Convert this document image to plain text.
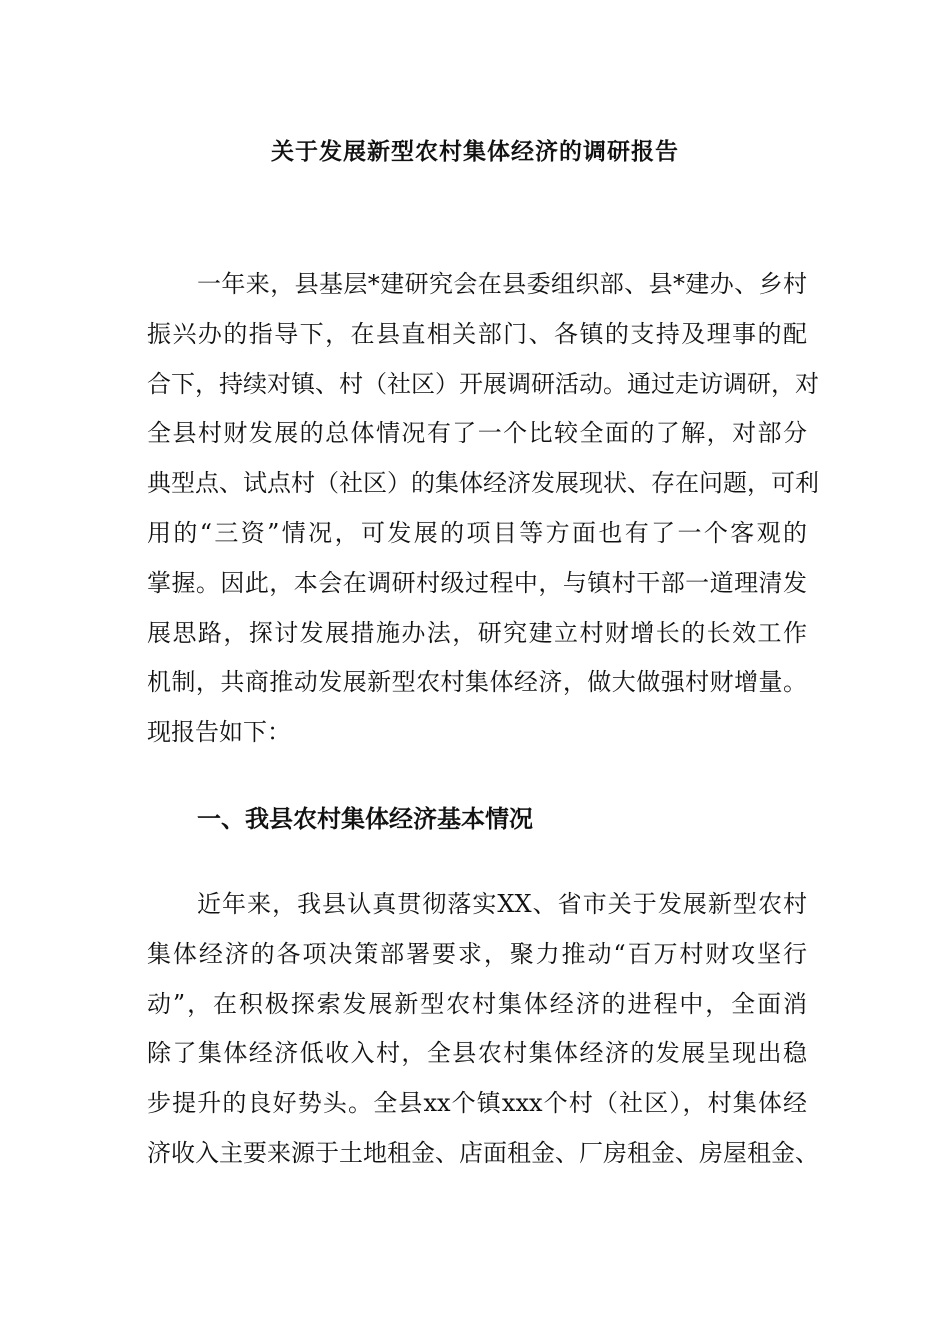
关于发展新型农村集体经济的调研报告

一年来，县基层*建研究会在县委组织部、县*建办、乡村
振兴办的指导下，在县直相关部门、各镇的支持及理事的配
合下，持续对镇、村（社区）开展调研活动。通过走访调研，对
全县村财发展的总体情况有了一个比较全面的了解，对部分
典型点、试点村（社区）的集体经济发展现状、存在问题，可利
用的“三资”情况，可发展的项目等方面也有了一个客观的
掌握。因此，本会在调研村级过程中，与镇村干部一道理清发
展思路，探讨发展措施办法，研究建立村财增长的长效工作
机制，共商推动发展新型农村集体经济，做大做强村财增量。
现报告如下：

一、我县农村集体经济基本情况

近年来，我县认真贯彻落实XX、省市关于发展新型农村
集体经济的各项决策部署要求，聚力推动“百万村财攻坚行
动”，在积极探索发展新型农村集体经济的进程中，全面消
除了集体经济低收入村，全县农村集体经济的发展呈现出稳
步提升的良好势头。全县xx个镇xxx个村（社区），村集体经
济收入主要来源于土地租金、店面租金、厂房租金、房屋租金、
